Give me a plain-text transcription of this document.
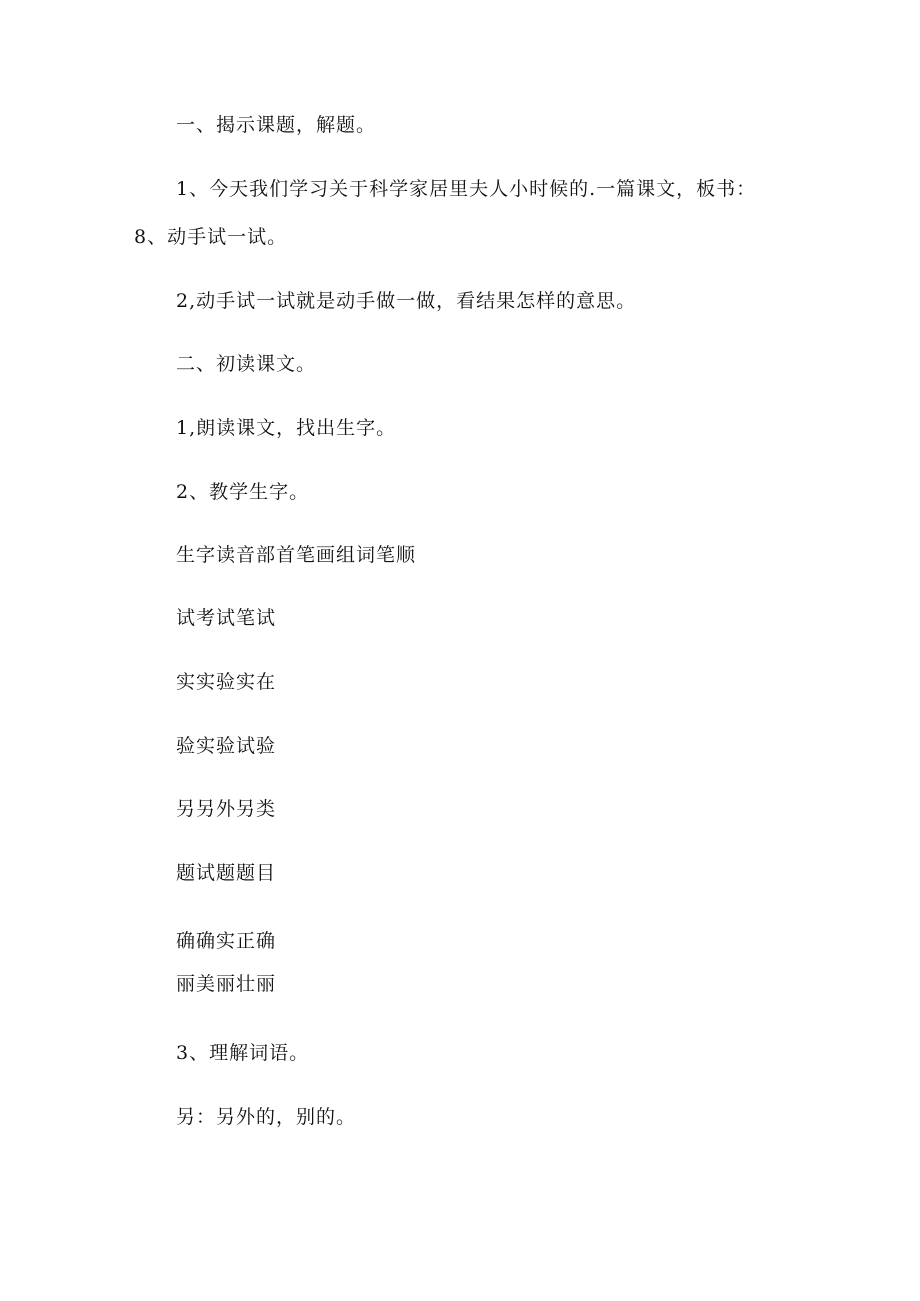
一、揭示课题，解题。
1、今天我们学习关于科学家居里夫人小时候的.一篇课文，板书：
8、动手试一试。
2,动手试一试就是动手做一做，看结果怎样的意思。
二、初读课文。
1,朗读课文，找出生字。
2、教学生字。
生字读音部首笔画组词笔顺
试考试笔试
实实验实在
验实验试验
另另外另类
题试题题目
确确实正确
丽美丽壮丽
3、理解词语。
另：另外的，别的。
